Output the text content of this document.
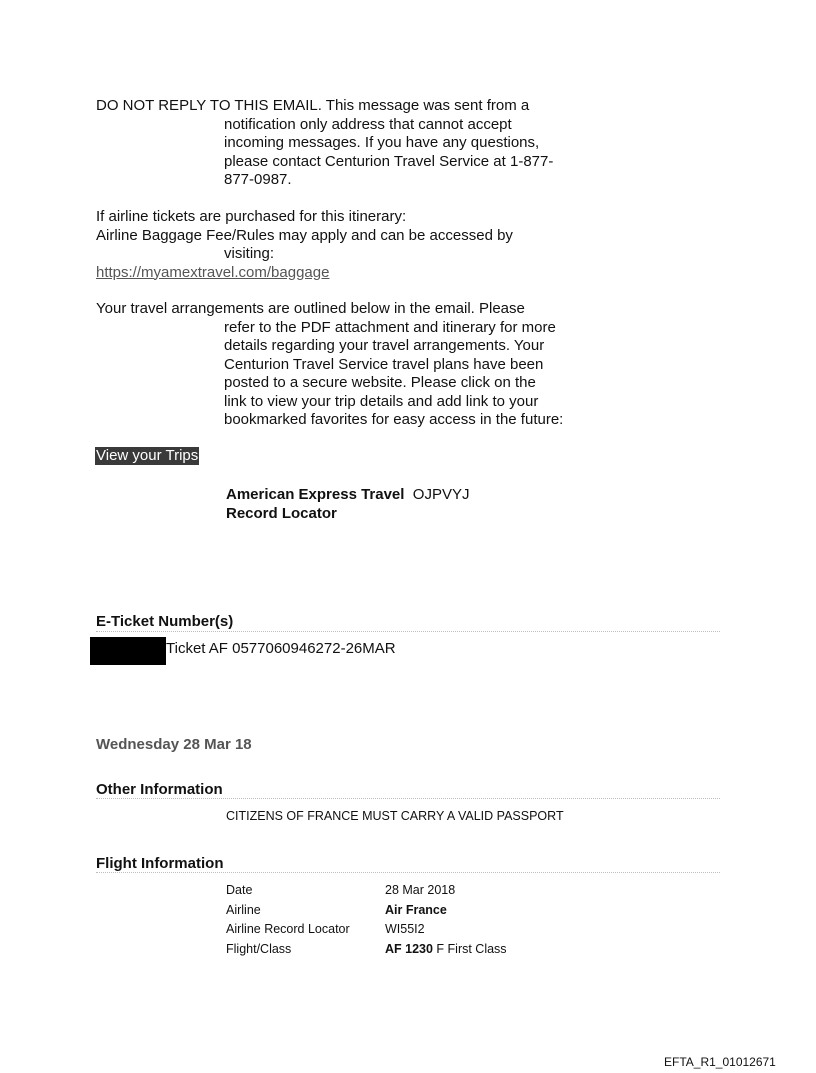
DO NOT REPLY TO THIS EMAIL. This message was sent from a
notification only address that cannot accept
incoming messages. If you have any questions,
please contact Centurion Travel Service at 1-877-
877-0987.
If airline tickets are purchased for this itinerary:
Airline Baggage Fee/Rules may apply and can be accessed by
visiting:
https://myamextravel.com/baggage
Your travel arrangements are outlined below in the email. Please
refer to the PDF attachment and itinerary for more
details regarding your travel arrangements. Your
Centurion Travel Service travel plans have been
posted to a secure website. Please click on the
link to view your trip details and add link to your
bookmarked favorites for easy access in the future:
View your Trips
American Express Travel OJPVYJ
Record Locator
E-Ticket Number(s)
Ticket AF 0577060946272-26MAR
Wednesday 28 Mar 18
Other Information
CITIZENS OF FRANCE MUST CARRY A VALID PASSPORT
Flight Information
Date	28 Mar 2018
Airline	Air France
Airline Record Locator	WI55I2
Flight/Class	AF 1230 F First Class
EFTA_R1_01012671
